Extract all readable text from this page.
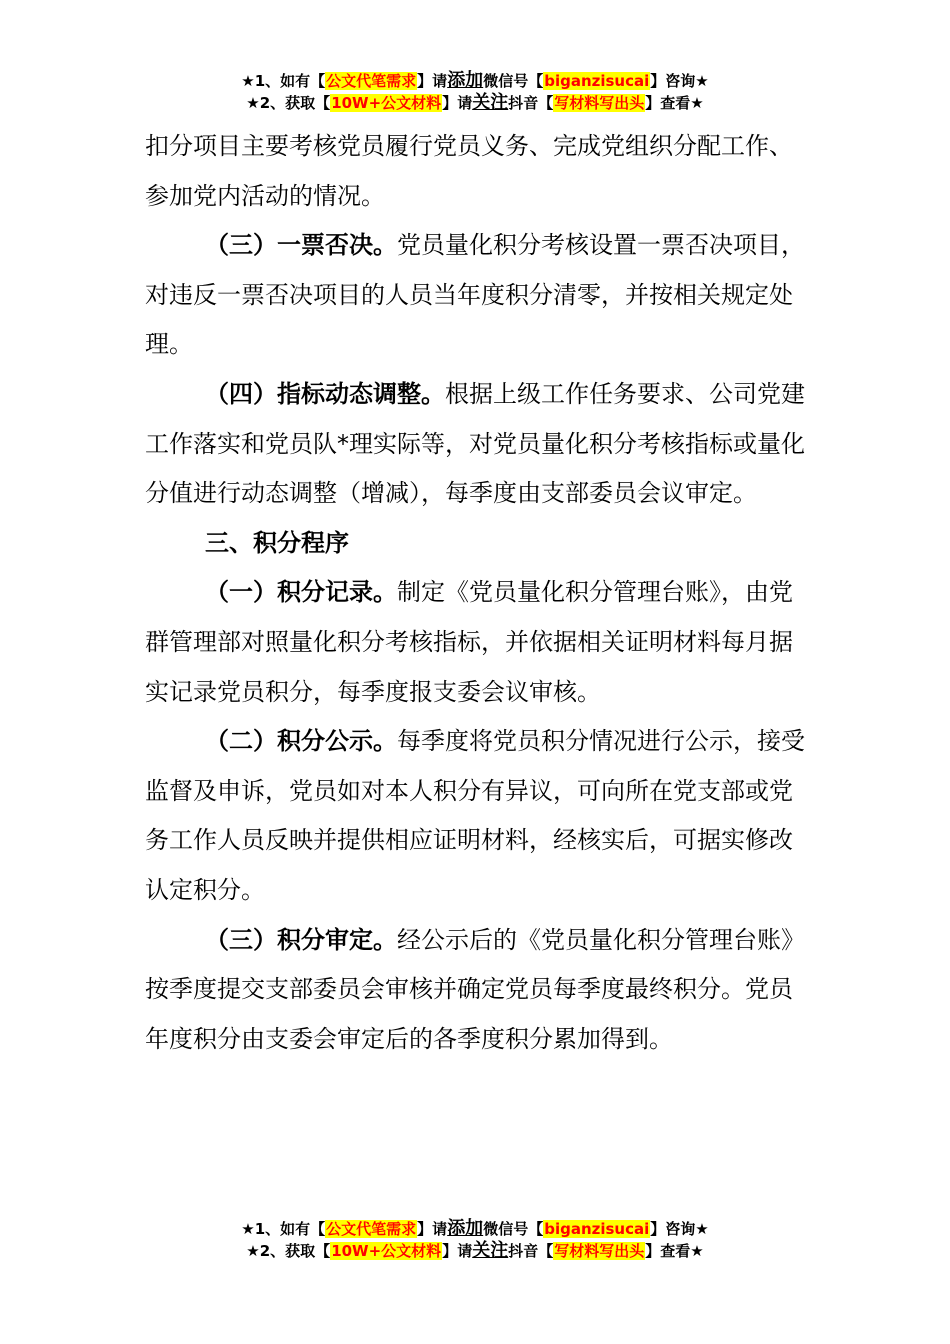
★1、如有【公文代笔需求】请添加微信号【biganzisucai】咨询★
★2、获取【10W+公文材料】请关注抖音【写材料写出头】查看★

扣分项目主要考核党员履行党员义务、完成党组织分配工作、参加党内活动的情况。

（三）一票否决。党员量化积分考核设置一票否决项目，对违反一票否决项目的人员当年度积分清零，并按相关规定处理。

（四）指标动态调整。根据上级工作任务要求、公司党建工作落实和党员队*理实际等，对党员量化积分考核指标或量化分值进行动态调整（增减），每季度由支部委员会议审定。

三、积分程序

（一）积分记录。制定《党员量化积分管理台账》，由党群管理部对照量化积分考核指标，并依据相关证明材料每月据实记录党员积分，每季度报支委会议审核。

（二）积分公示。每季度将党员积分情况进行公示，接受监督及申诉，党员如对本人积分有异议，可向所在党支部或党务工作人员反映并提供相应证明材料，经核实后，可据实修改认定积分。

（三）积分审定。经公示后的《党员量化积分管理台账》按季度提交支部委员会审核并确定党员每季度最终积分。党员年度积分由支委会审定后的各季度积分累加得到。

★1、如有【公文代笔需求】请添加微信号【biganzisucai】咨询★
★2、获取【10W+公文材料】请关注抖音【写材料写出头】查看★
